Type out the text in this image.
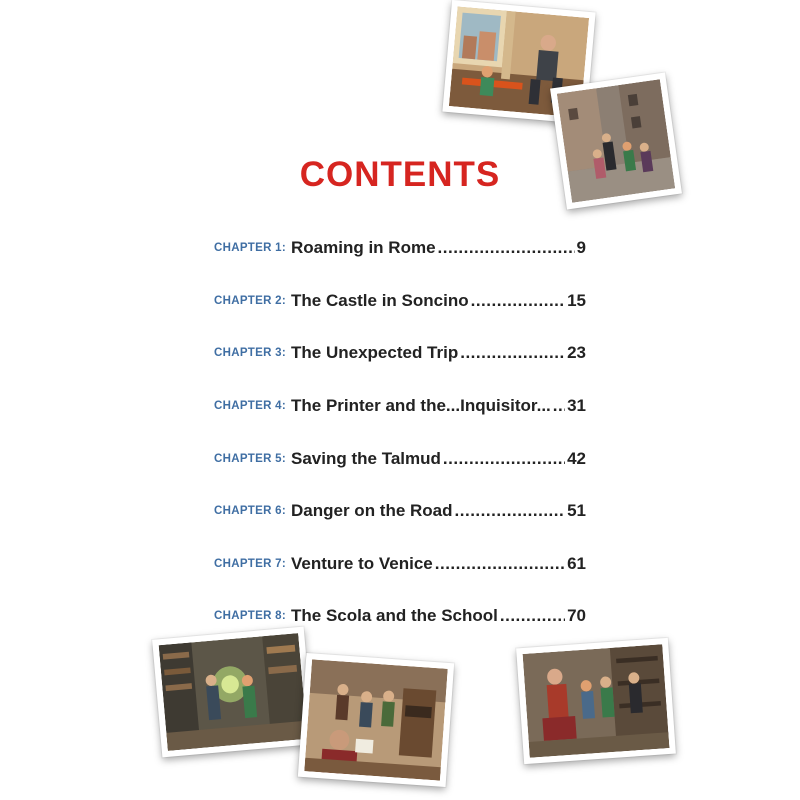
CONTENTS
CHAPTER 1: Roaming in Rome .....	9
CHAPTER 2: The Castle in Soncino .....	15
CHAPTER 3: The Unexpected Trip .....	23
CHAPTER 4: The Printer and the...Inquisitor... ..... 31
CHAPTER 5: Saving the Talmud .....	42
CHAPTER 6: Danger on the Road .....	51
CHAPTER 7: Venture to Venice .....	61
CHAPTER 8: The Scola and the School .....	70
